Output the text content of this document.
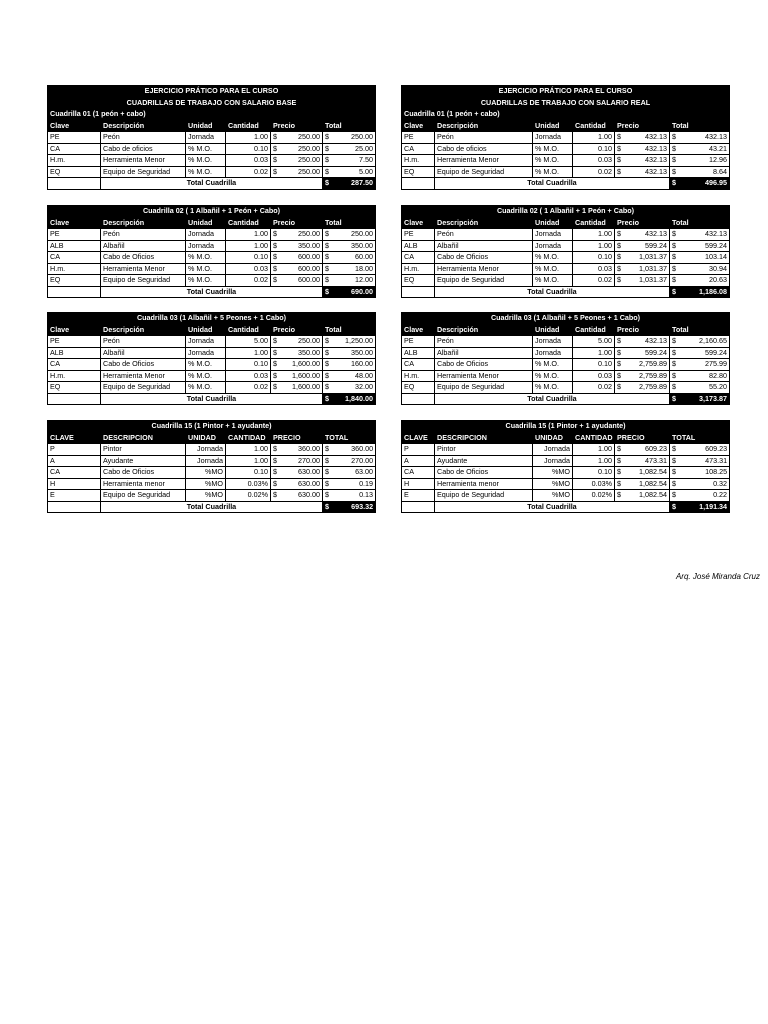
EJERCICIO PRÁTICO PARA EL CURSO					
CUADRILLAS DE TRABAJO CON SALARIO BASE					
Cuadrilla 01 (1 peón + cabo)					
Clave	Descripción	Unidad	Cantidad	Precio	Total
PE	Peón	Jornada	1.00	$ 250.00	$ 250.00

CA	Cabo de oficios	% M.O.	0.10	$ 250.00	$ 25.00

H.m.	Herramienta Menor	% M.O.	0.03	$ 250.00	$ 7.50

EQ	Equipo de Seguridad	% M.O.	0.02	$ 250.00	$ 5.00

	Total Cuadrilla				$ 287.50
Cuadrilla 02 ( 1 Albañil + 1 Peón + Cabo)					
Clave	Descripción	Unidad	Cantidad	Precio	Total
PE	Peón	Jornada	1.00	$ 250.00	$ 250.00

ALB	Albañil	Jornada	1.00	$ 350.00	$ 350.00

CA	Cabo de Oficios	% M.O.	0.10	$ 600.00	$ 60.00

H.m.	Herramienta Menor	% M.O.	0.03	$ 600.00	$ 18.00

EQ	Equipo de Seguridad	% M.O.	0.02	$ 600.00	$ 12.00

	Total Cuadrilla				$ 690.00
Cuadrilla 03 (1 Albañil + 5 Peones + 1 Cabo)					
Clave	Descripción	Unidad	Cantidad	Precio	Total
PE	Peón	Jornada	5.00	$ 250.00	$ 1,250.00

ALB	Albañil	Jornada	1.00	$ 350.00	$ 350.00

CA	Cabo de Oficios	% M.O.	0.10	$ 1,600.00	$ 160.00

H.m.	Herramienta Menor	% M.O.	0.03	$ 1,600.00	$ 48.00

EQ	Equipo de Seguridad	% M.O.	0.02	$ 1,600.00	$ 32.00

	Total Cuadrilla				$ 1,840.00
Cuadrilla 15 (1 Pintor + 1 ayudante)					
CLAVE	DESCRIPCION	UNIDAD	CANTIDAD	PRECIO	TOTAL
P	Pintor	Jornada	1.00	$ 360.00	$ 360.00

A	Ayudante	Jornada	1.00	$ 270.00	$ 270.00

CA	Cabo de Oficios	%MO	0.10	$ 630.00	$ 63.00

H	Herramienta menor	%MO	0.03%	$ 630.00	$ 0.19

E	Equipo de Seguridad	%MO	0.02%	$ 630.00	$ 0.13

	Total Cuadrilla				$ 693.32
EJERCICIO PRÁTICO PARA EL CURSO					
CUADRILLAS DE TRABAJO CON SALARIO REAL					
Cuadrilla 01 (1 peón + cabo)					
Clave	Descripción	Unidad	Cantidad	Precio	Total
PE	Peón	Jornada	1.00	$ 432.13	$ 432.13

CA	Cabo de oficios	% M.O.	0.10	$ 432.13	$ 43.21

H.m.	Herramienta Menor	% M.O.	0.03	$ 432.13	$ 12.96

EQ	Equipo de Seguridad	% M.O.	0.02	$ 432.13	$ 8.64

	Total Cuadrilla				$ 496.95
Cuadrilla 02 ( 1 Albañil + 1 Peón + Cabo)					
Clave	Descripción	Unidad	Cantidad	Precio	Total
PE	Peón	Jornada	1.00	$ 432.13	$ 432.13

ALB	Albañil	Jornada	1.00	$ 599.24	$ 599.24

CA	Cabo de Oficios	% M.O.	0.10	$ 1,031.37	$ 103.14

H.m.	Herramienta Menor	% M.O.	0.03	$ 1,031.37	$ 30.94

EQ	Equipo de Seguridad	% M.O.	0.02	$ 1,031.37	$ 20.63

	Total Cuadrilla				$ 1,186.08
Cuadrilla 03 (1 Albañil + 5 Peones + 1 Cabo)					
Clave	Descripción	Unidad	Cantidad	Precio	Total
PE	Peón	Jornada	5.00	$ 432.13	$ 2,160.65

ALB	Albañil	Jornada	1.00	$ 599.24	$ 599.24

CA	Cabo de Oficios	% M.O.	0.10	$ 2,759.89	$ 275.99

H.m.	Herramienta Menor	% M.O.	0.03	$ 2,759.89	$ 82.80

EQ	Equipo de Seguridad	% M.O.	0.02	$ 2,759.89	$ 55.20

	Total Cuadrilla				$ 3,173.87
Cuadrilla 15 (1 Pintor + 1 ayudante)					
CLAVE	DESCRIPCION	UNIDAD	CANTIDAD	PRECIO	TOTAL
P	Pintor	Jornada	1.00	$ 609.23	$ 609.23

A	Ayudante	Jornada	1.00	$ 473.31	$ 473.31

CA	Cabo de Oficios	%MO	0.10	$ 1,082.54	$ 108.25

H	Herramienta menor	%MO	0.03%	$ 1,082.54	$ 0.32

E	Equipo de Seguridad	%MO	0.02%	$ 1,082.54	$ 0.22

	Total Cuadrilla				$ 1,191.34
Arq. José Miranda Cruz
